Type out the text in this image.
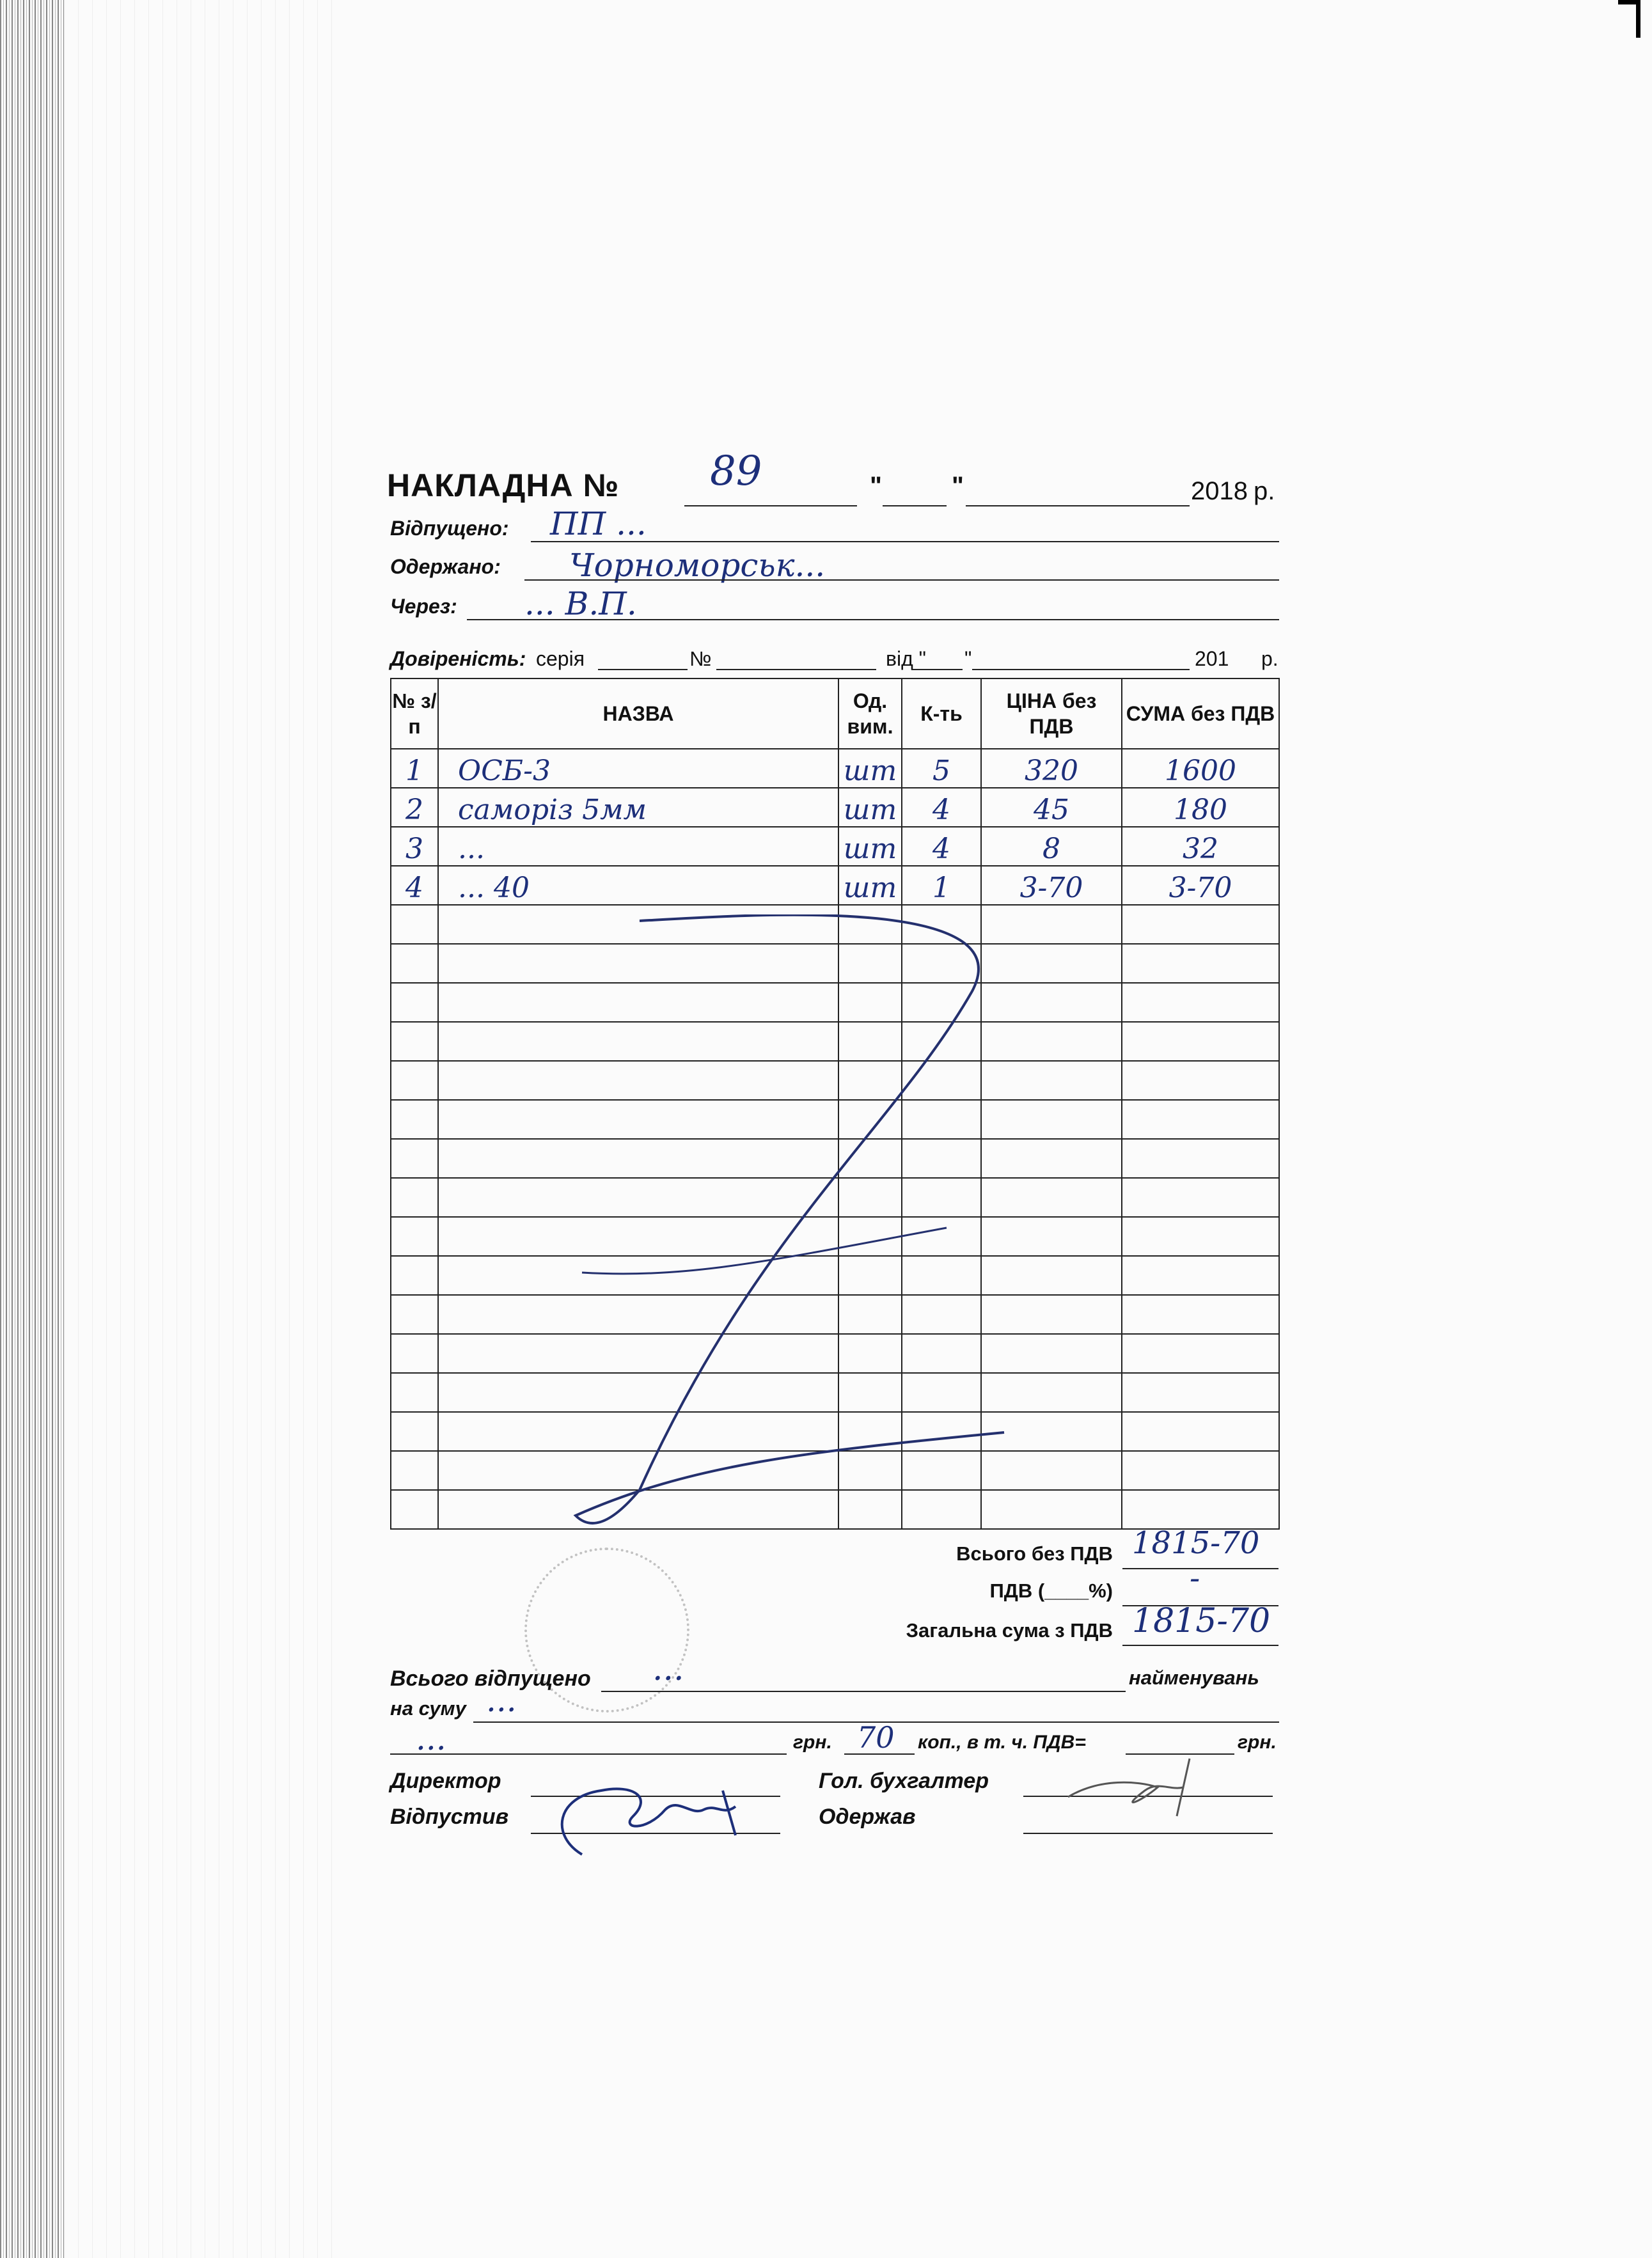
НАКЛАДНА № 89	"	"	2018 р.
Відпущено: ПП ...
Одержано: Чорноморськ...
Через: ... В.П.
Довіреність: серія	№	від " "	201 р.
№ з/п	НАЗВА	Од. вим.	К-ть	ЦІНА без ПДВ	СУМА без ПДВ
1	ОСБ-3	шт	5	320	1600
2	саморіз 5мм	шт	4	45	180
3	...	шт	4	8	32
4	... 40	шт	1	3-70	3-70

Всього без ПДВ 1815-70
ПДВ (____%)	-
Загальна сума з ПДВ 1815-70
Всього відпущено ...	найменувань
на суму ...
...	грн. 70 коп., в т. ч. ПДВ=	грн.
Директор
Відпустив
Гол. бухгалтер
Одержав
